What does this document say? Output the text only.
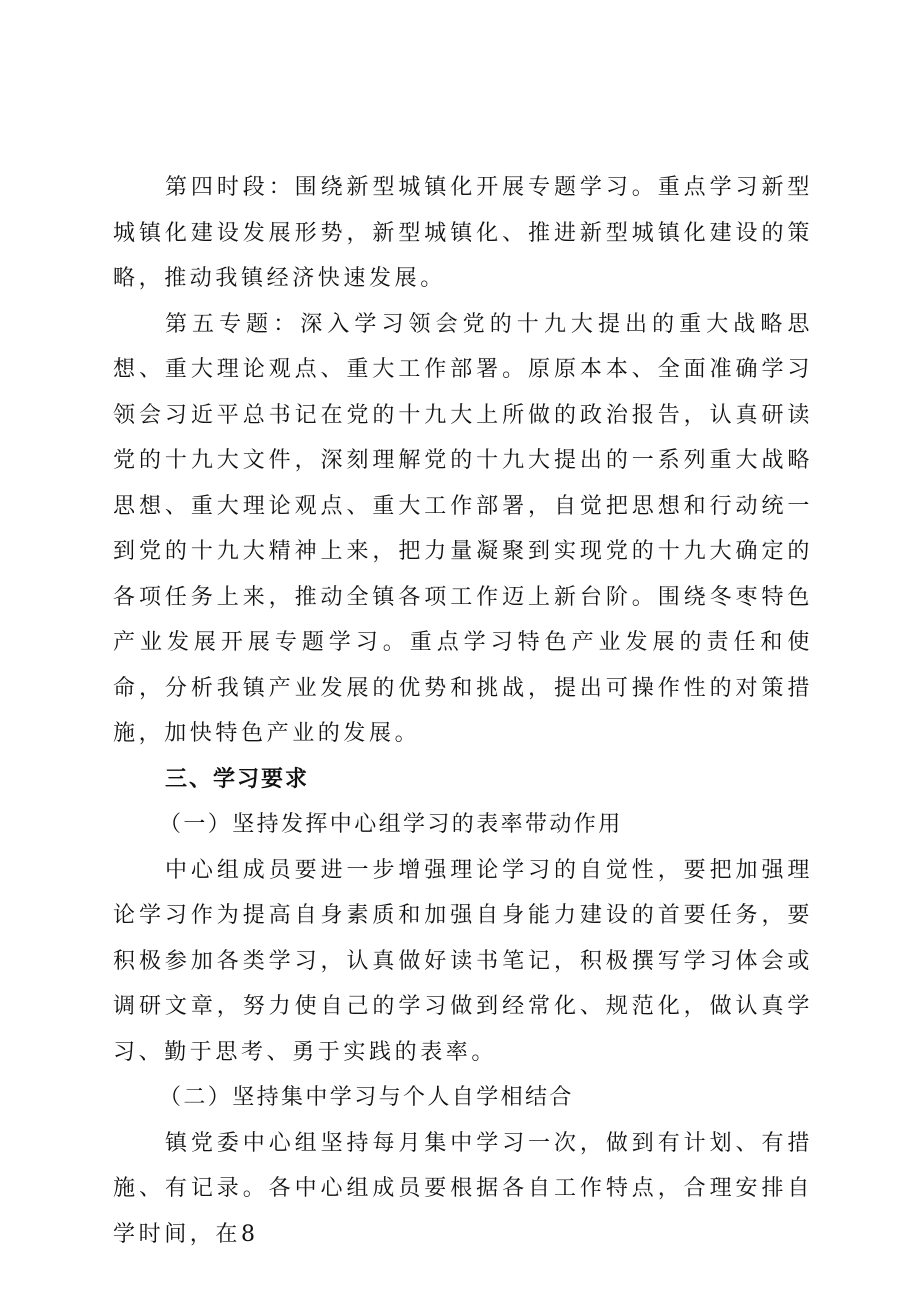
第四时段：围绕新型城镇化开展专题学习。重点学习新型城镇化建设发展形势，新型城镇化、推进新型城镇化建设的策略，推动我镇经济快速发展。

第五专题：深入学习领会党的十九大提出的重大战略思想、重大理论观点、重大工作部署。原原本本、全面准确学习领会习近平总书记在党的十九大上所做的政治报告，认真研读党的十九大文件，深刻理解党的十九大提出的一系列重大战略思想、重大理论观点、重大工作部署，自觉把思想和行动统一到党的十九大精神上来，把力量凝聚到实现党的十九大确定的各项任务上来，推动全镇各项工作迈上新台阶。围绕冬枣特色产业发展开展专题学习。重点学习特色产业发展的责任和使命，分析我镇产业发展的优势和挑战，提出可操作性的对策措施，加快特色产业的发展。

三、学习要求

（一）坚持发挥中心组学习的表率带动作用

中心组成员要进一步增强理论学习的自觉性，要把加强理论学习作为提高自身素质和加强自身能力建设的首要任务，要积极参加各类学习，认真做好读书笔记，积极撰写学习体会或调研文章，努力使自己的学习做到经常化、规范化，做认真学习、勤于思考、勇于实践的表率。

（二）坚持集中学习与个人自学相结合

镇党委中心组坚持每月集中学习一次，做到有计划、有措施、有记录。各中心组成员要根据各自工作特点，合理安排自学时间，在8
